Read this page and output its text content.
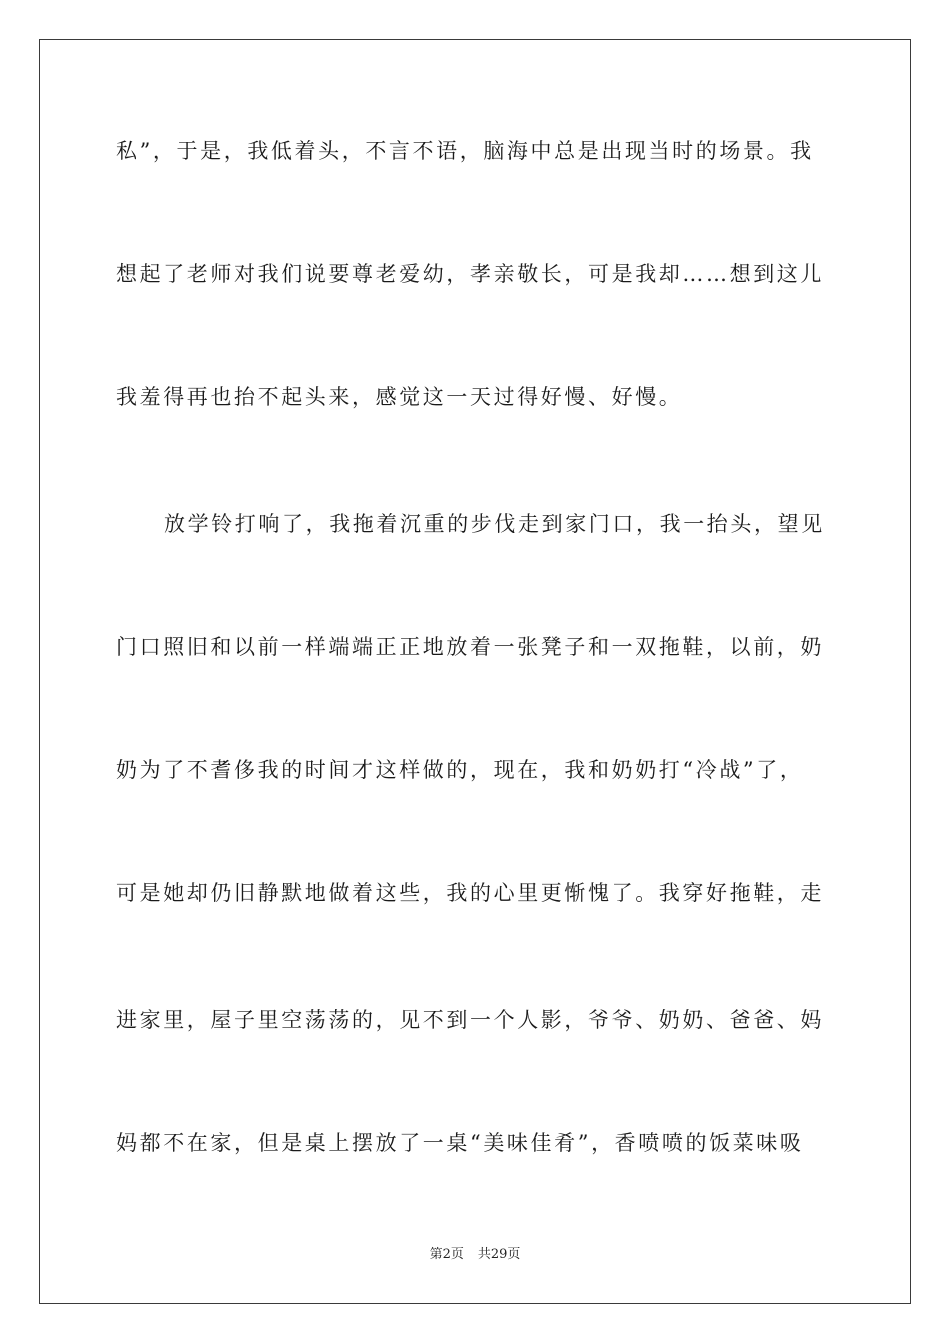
私”，于是，我低着头，不言不语，脑海中总是出现当时的场景。我
想起了老师对我们说要尊老爱幼，孝亲敬长，可是我却……想到这儿
我羞得再也抬不起头来，感觉这一天过得好慢、好慢。
放学铃打响了，我拖着沉重的步伐走到家门口，我一抬头，望见
门口照旧和以前一样端端正正地放着一张凳子和一双拖鞋，以前，奶
奶为了不耆侈我的时间才这样做的，现在，我和奶奶打“冷战”了，
可是她却仍旧静默地做着这些，我的心里更惭愧了。我穿好拖鞋，走
进家里，屋子里空荡荡的，见不到一个人影，爷爷、奶奶、爸爸、妈
妈都不在家，但是桌上摆放了一桌“美味佳肴”，香喷喷的饭菜味吸
第2页 共29页
